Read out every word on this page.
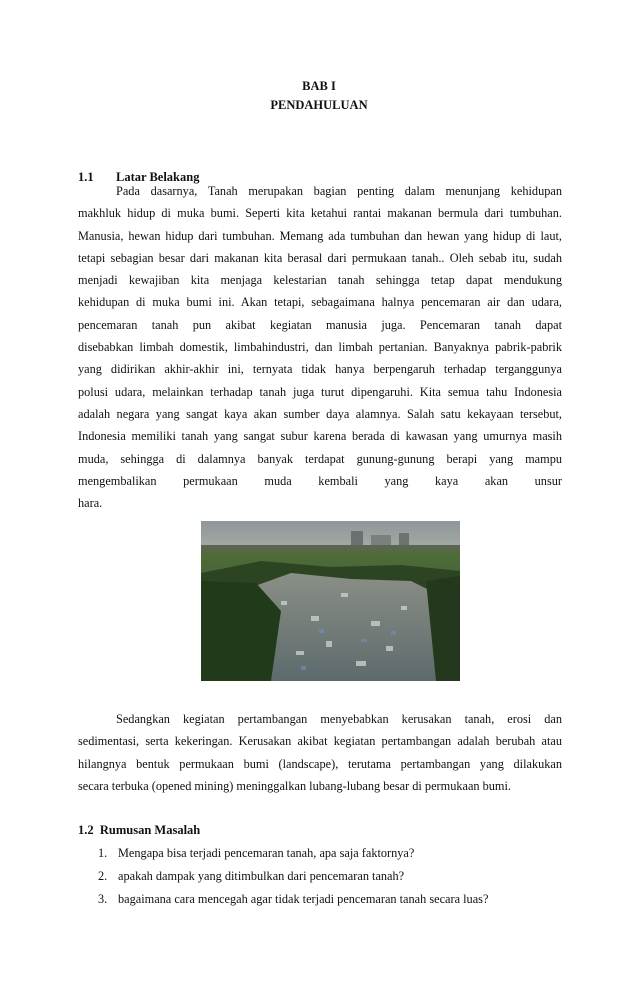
BAB I
PENDAHULUAN
1.1 Latar Belakang
Pada dasarnya, Tanah merupakan bagian penting dalam menunjang kehidupan
makhluk hidup di muka bumi. Seperti kita ketahui rantai makanan bermula dari tumbuhan.
Manusia, hewan hidup dari tumbuhan. Memang ada tumbuhan dan hewan yang hidup di laut,
tetapi sebagian besar dari makanan kita berasal dari permukaan tanah.. Oleh sebab itu, sudah
menjadi kewajiban kita menjaga kelestarian tanah sehingga tetap dapat mendukung
kehidupan di muka bumi ini. Akan tetapi, sebagaimana halnya pencemaran air dan udara,
pencemaran tanah pun akibat kegiatan manusia juga. Pencemaran tanah dapat
disebabkan limbah domestik, limbahindustri, dan limbah pertanian. Banyaknya pabrik-pabrik
yang didirikan akhir-akhir ini, ternyata tidak hanya berpengaruh terhadap terganggunya
polusi udara, melainkan terhadap tanah juga turut dipengaruhi. Kita semua tahu Indonesia
adalah negara yang sangat kaya akan sumber daya alamnya. Salah satu kekayaan tersebut,
Indonesia memiliki tanah yang sangat subur karena berada di kawasan yang umurnya masih
muda, sehingga di dalamnya banyak terdapat gunung-gunung berapi yang mampu
mengembalikan permukaan muda kembali yang kaya akan unsur
hara.
Sedangkan kegiatan pertambangan menyebabkan kerusakan tanah, erosi dan
sedimentasi, serta kekeringan. Kerusakan akibat kegiatan pertambangan adalah berubah atau
hilangnya bentuk permukaan bumi (landscape), terutama pertambangan yang dilakukan
secara terbuka (opened mining) meninggalkan lubang-lubang besar di permukaan bumi.
1.2 Rumusan Masalah
1. Mengapa bisa terjadi pencemaran tanah, apa saja faktornya?
2. apakah dampak yang ditimbulkan dari pencemaran tanah?
3. bagaimana cara mencegah agar tidak terjadi pencemaran tanah secara luas?
